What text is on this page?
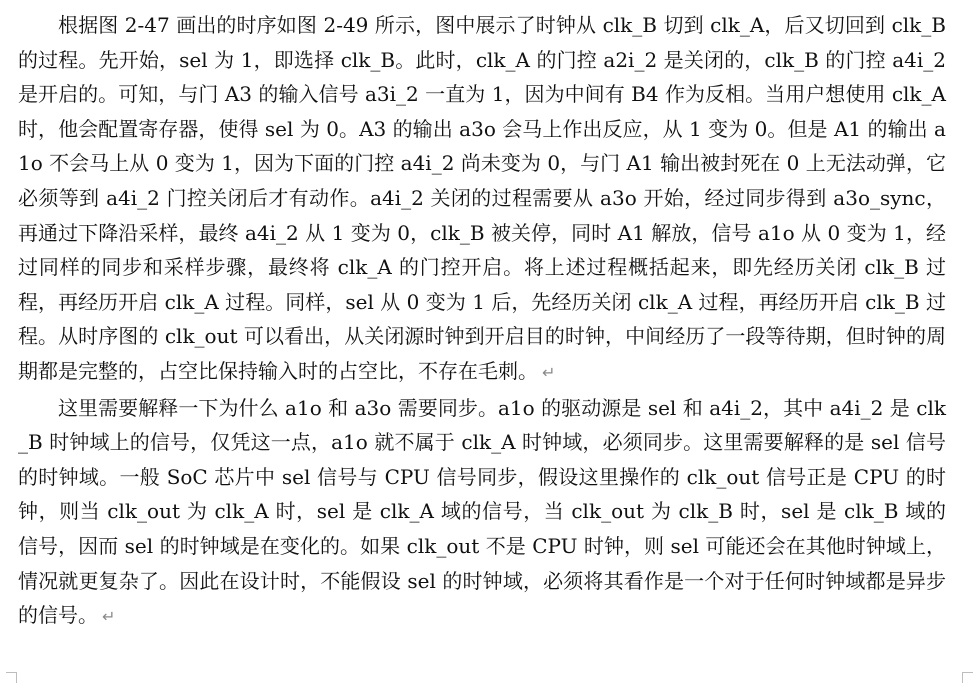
根据图 2-47 画出的时序如图 2-49 所示，图中展示了时钟从 clk_B 切到 clk_A，后又切回到 clk_B 的过程。先开始，sel 为 1，即选择 clk_B。此时，clk_A 的门控 a2i_2 是关闭的，clk_B 的门控 a4i_2 是开启的。可知，与门 A3 的输入信号 a3i_2 一直为 1，因为中间有 B4 作为反相。当用户想使用 clk_A 时，他会配置寄存器，使得 sel 为 0。A3 的输出 a3o 会马上作出反应，从 1 变为 0。但是 A1 的输出 a1o 不会马上从 0 变为 1，因为下面的门控 a4i_2 尚未变为 0，与门 A1 输出被封死在 0 上无法动弹，它必须等到 a4i_2 门控关闭后才有动作。a4i_2 关闭的过程需要从 a3o 开始，经过同步得到 a3o_sync，再通过下降沿采样，最终 a4i_2 从 1 变为 0，clk_B 被关停，同时 A1 解放，信号 a1o 从 0 变为 1，经过同样的同步和采样步骤，最终将 clk_A 的门控开启。将上述过程概括起来，即先经历关闭 clk_B 过程，再经历开启 clk_A 过程。同样，sel 从 0 变为 1 后，先经历关闭 clk_A 过程，再经历开启 clk_B 过程。从时序图的 clk_out 可以看出，从关闭源时钟到开启目的时钟，中间经历了一段等待期，但时钟的周期都是完整的，占空比保持输入时的占空比，不存在毛刺。 ↵

这里需要解释一下为什么 a1o 和 a3o 需要同步。a1o 的驱动源是 sel 和 a4i_2，其中 a4i_2 是 clk_B 时钟域上的信号，仅凭这一点，a1o 就不属于 clk_A 时钟域，必须同步。这里需要解释的是 sel 信号的时钟域。一般 SoC 芯片中 sel 信号与 CPU 信号同步，假设这里操作的 clk_out 信号正是 CPU 的时钟，则当 clk_out 为 clk_A 时，sel 是 clk_A 域的信号，当 clk_out 为 clk_B 时，sel 是 clk_B 域的信号，因而 sel 的时钟域是在变化的。如果 clk_out 不是 CPU 时钟，则 sel 可能还会在其他时钟域上，情况就更复杂了。因此在设计时，不能假设 sel 的时钟域，必须将其看作是一个对于任何时钟域都是异步的信号。 ↵
